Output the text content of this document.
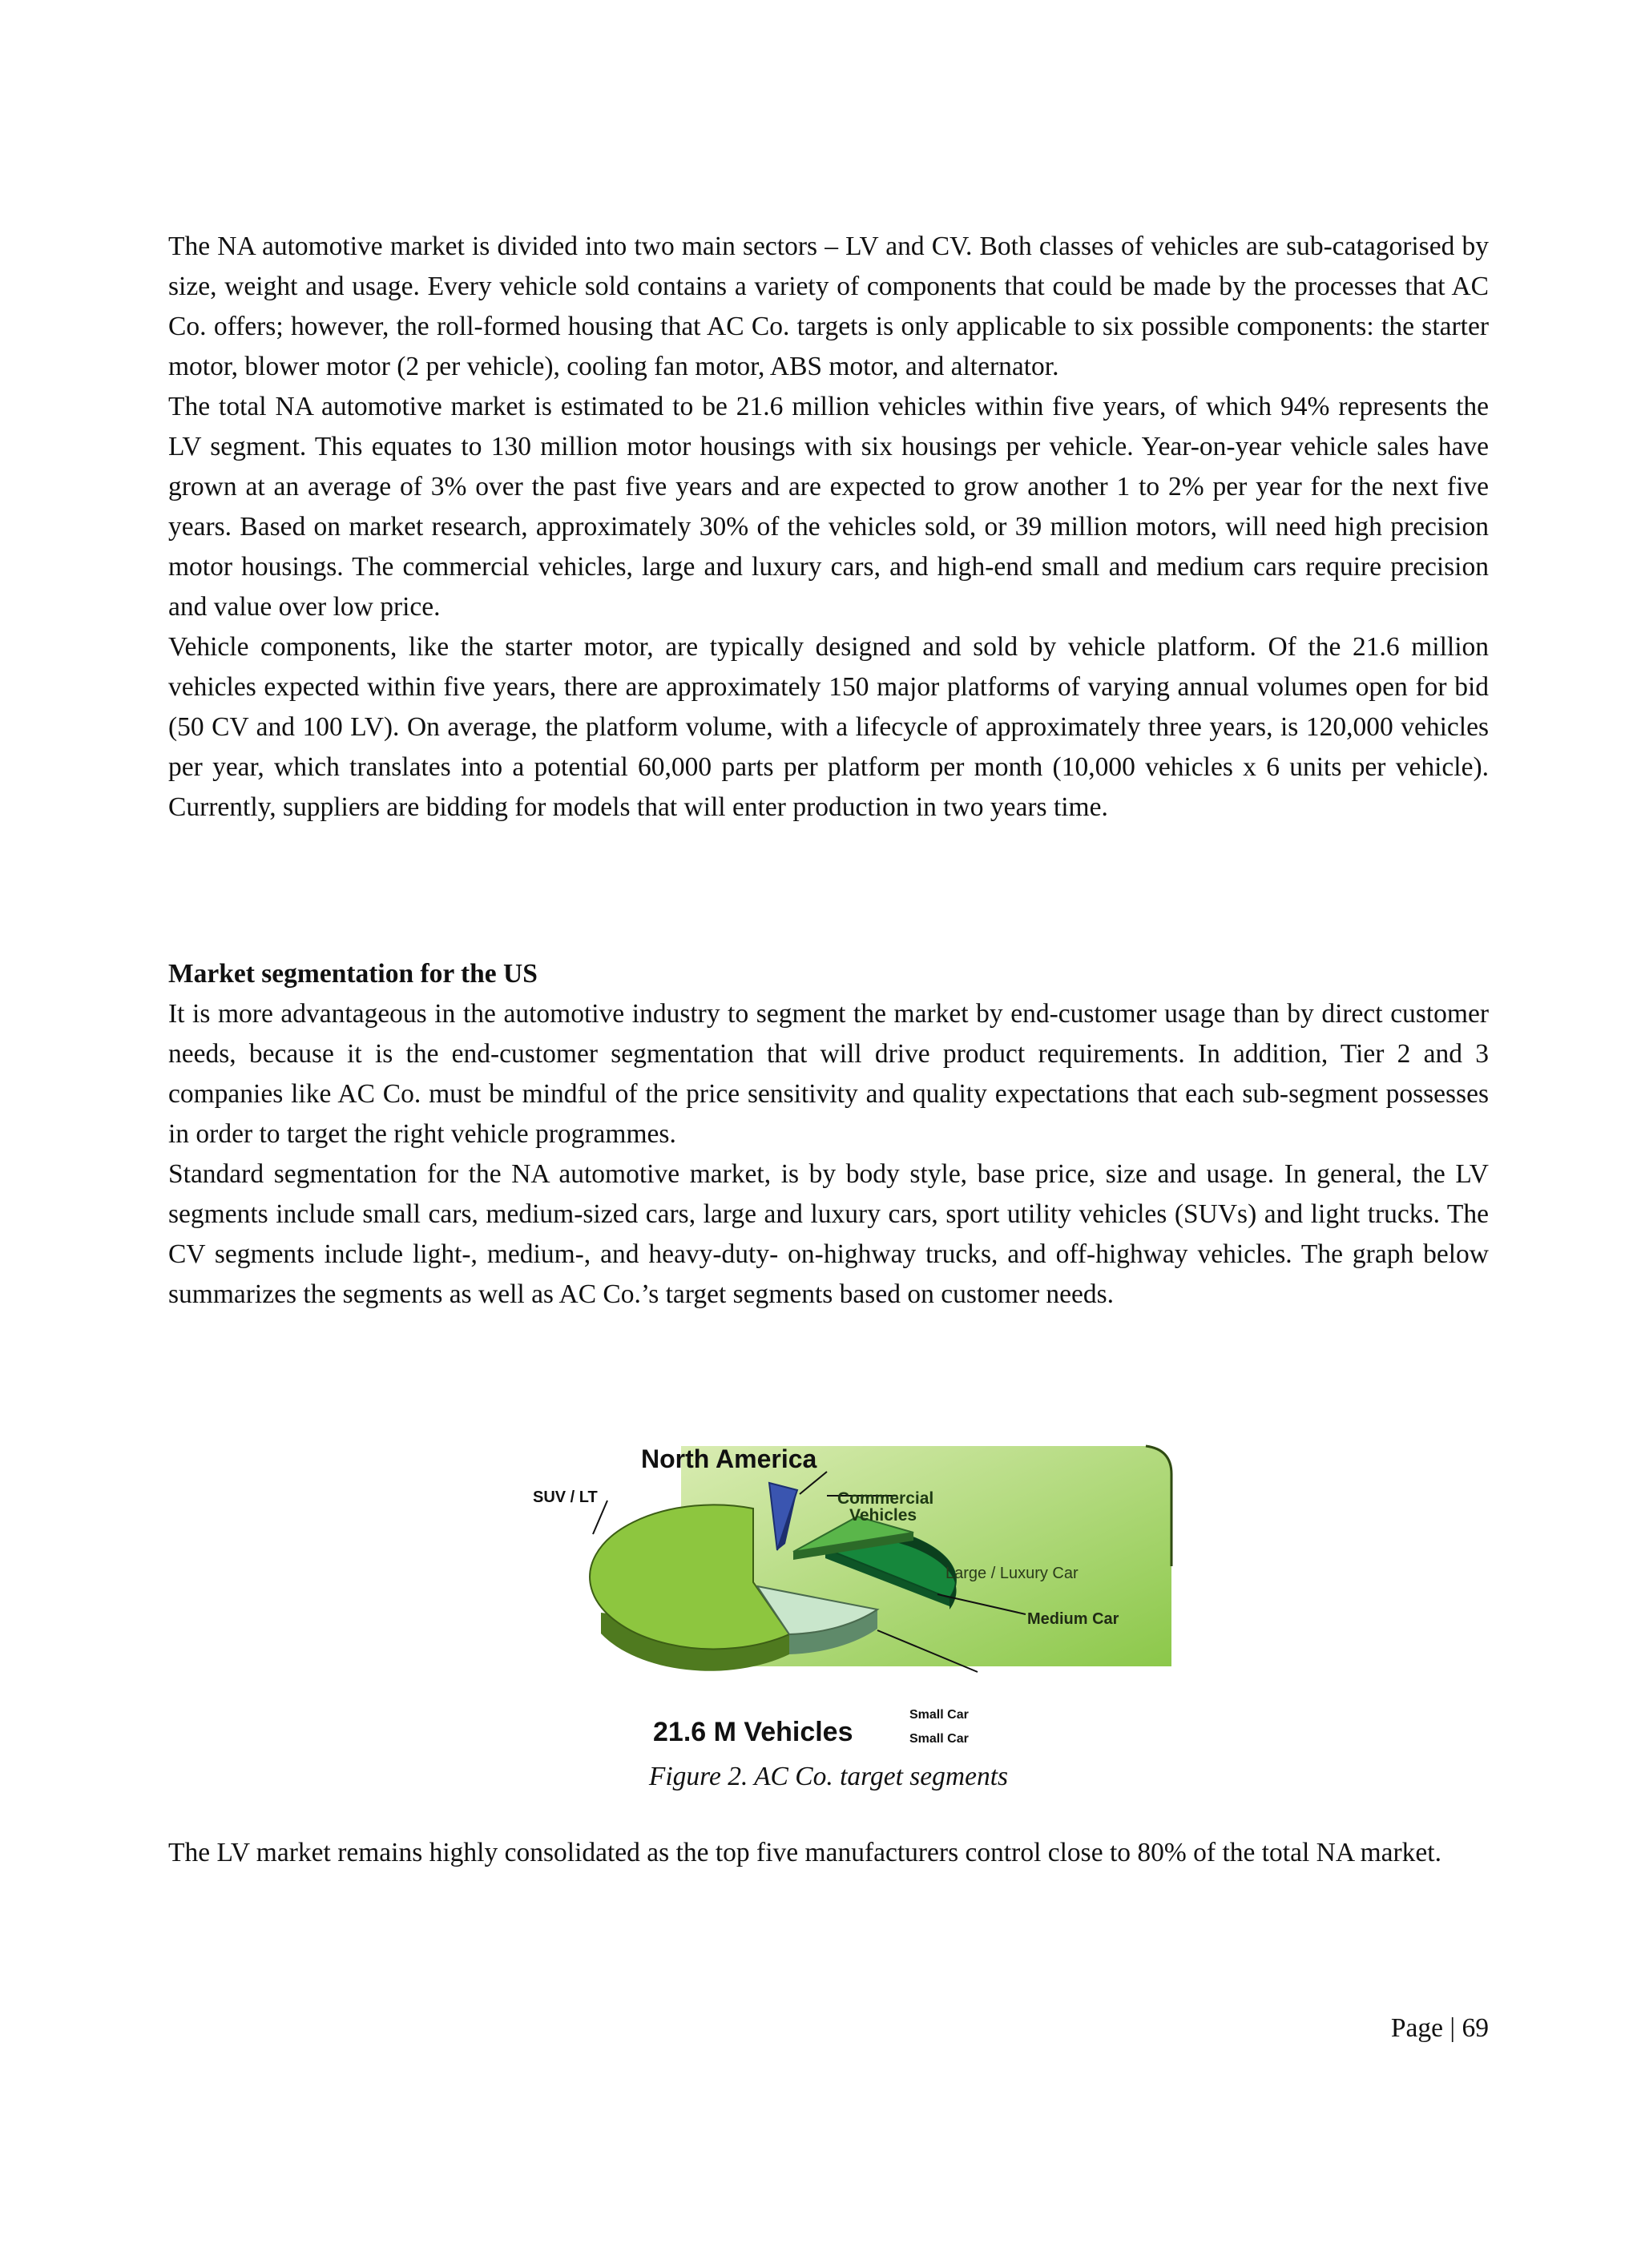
The NA automotive market is divided into two main sectors – LV and CV. Both classes of vehicles are sub-catagorised by size, weight and usage. Every vehicle sold contains a variety of components that could be made by the processes that AC Co. offers; however, the roll-formed housing that AC Co. targets is only applicable to six possible components: the starter motor, blower motor (2 per vehicle), cooling fan motor, ABS motor, and alternator.

The total NA automotive market is estimated to be 21.6 million vehicles within five years, of which 94% represents the LV segment. This equates to 130 million motor housings with six housings per vehicle. Year-on-year vehicle sales have grown at an average of 3% over the past five years and are expected to grow another 1 to 2% per year for the next five years. Based on market research, approximately 30% of the vehicles sold, or 39 million motors, will need high precision motor housings. The commercial vehicles, large and luxury cars, and high-end small and medium cars require precision and value over low price.

Vehicle components, like the starter motor, are typically designed and sold by vehicle platform. Of the 21.6 million vehicles expected within five years, there are approximately 150 major platforms of varying annual volumes open for bid (50 CV and 100 LV). On average, the platform volume, with a lifecycle of approximately three years, is 120,000 vehicles per year, which translates into a potential 60,000 parts per platform per month (10,000 vehicles x 6 units per vehicle). Currently, suppliers are bidding for models that will enter production in two years time.

Market segmentation for the US

It is more advantageous in the automotive industry to segment the market by end-customer usage than by direct customer needs, because it is the end-customer segmentation that will drive product requirements. In addition, Tier 2 and 3 companies like AC Co. must be mindful of the price sensitivity and quality expectations that each sub-segment possesses in order to target the right vehicle programmes.

Standard segmentation for the NA automotive market, is by body style, base price, size and usage. In general, the LV segments include small cars, medium-sized cars, large and luxury cars, sport utility vehicles (SUVs) and light trucks. The CV segments include light-, medium-, and heavy-duty- on-highway trucks, and off-highway vehicles. The graph below summarizes the segments as well as AC Co.’s target segments based on customer needs.

North America
SUV / LT	Commercial
Vehicles
Large / Luxury Car
Medium Car
Small Car
Small Car
21.6 M Vehicles
Figure 2. AC Co. target segments

The LV market remains highly consolidated as the top five manufacturers control close to 80% of the total NA market.

Page | 69
